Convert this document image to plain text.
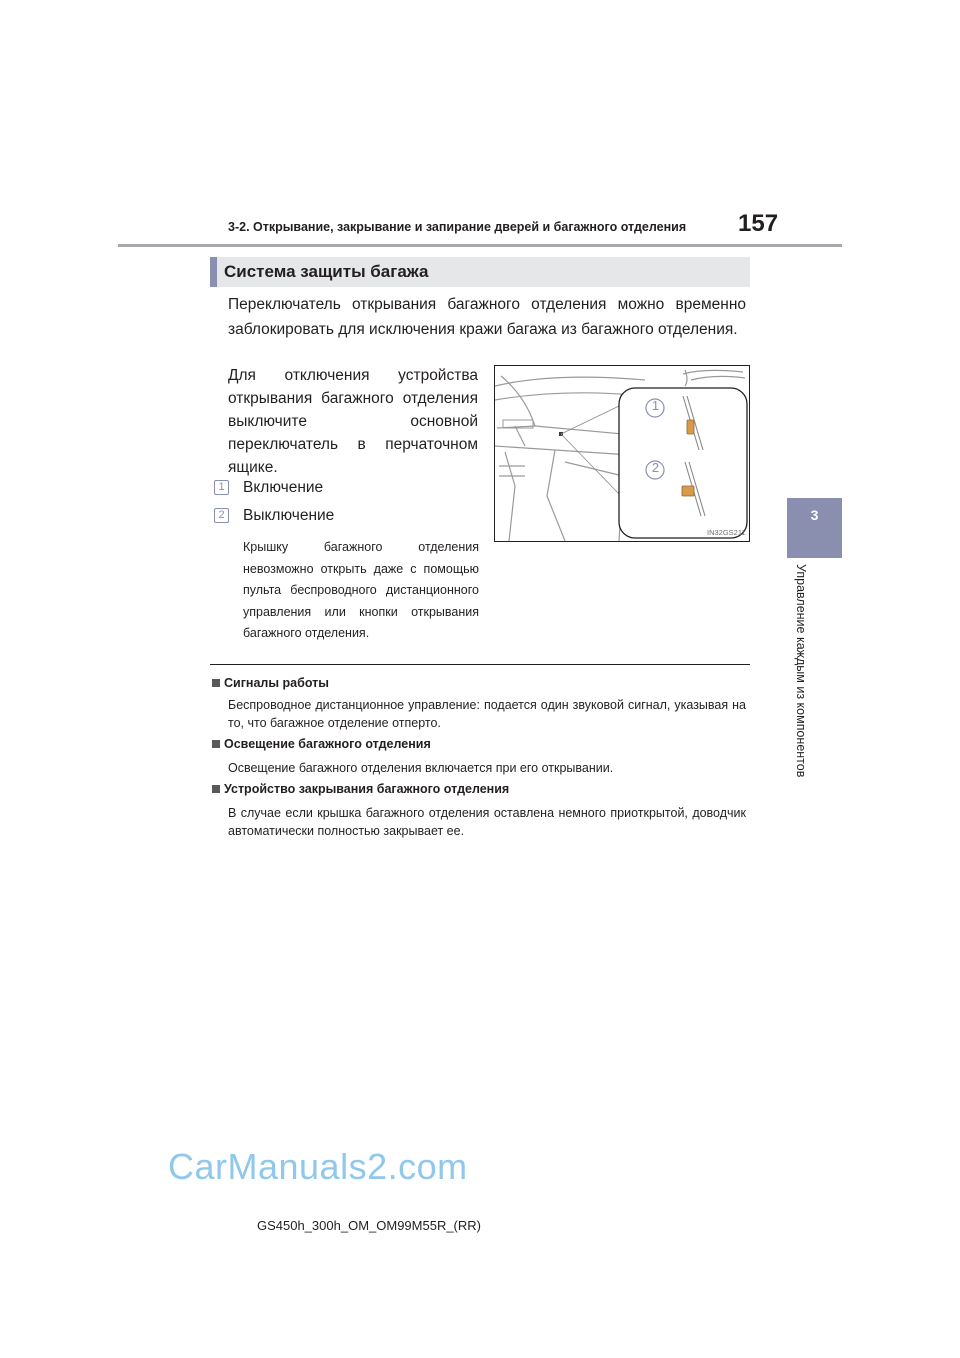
3-2. Открывание, закрывание и запирание дверей и багажного отделения 157
3
Управление каждым из компонентов
Система защиты багажа
Переключатель открывания багажного отделения можно временно заблокировать для исключения кражи багажа из багажного отделения.
Для отключения устройства открывания багажного отделения выключите основной переключатель в перчаточном ящике.
1 Включение
2 Выключение
Крышку багажного отделения невозможно открыть даже с помощью пульта беспроводного дистанционного управления или кнопки открывания багажного отделения.
1
2
IN32GS211
Сигналы работы
Беспроводное дистанционное управление: подается один звуковой сигнал, указывая на то, что багажное отделение отперто.
Освещение багажного отделения
Освещение багажного отделения включается при его открывании.
Устройство закрывания багажного отделения
В случае если крышка багажного отделения оставлена немного приоткрытой, доводчик автоматически полностью закрывает ее.
CarManuals2.com
GS450h_300h_OM_OM99M55R_(RR)
